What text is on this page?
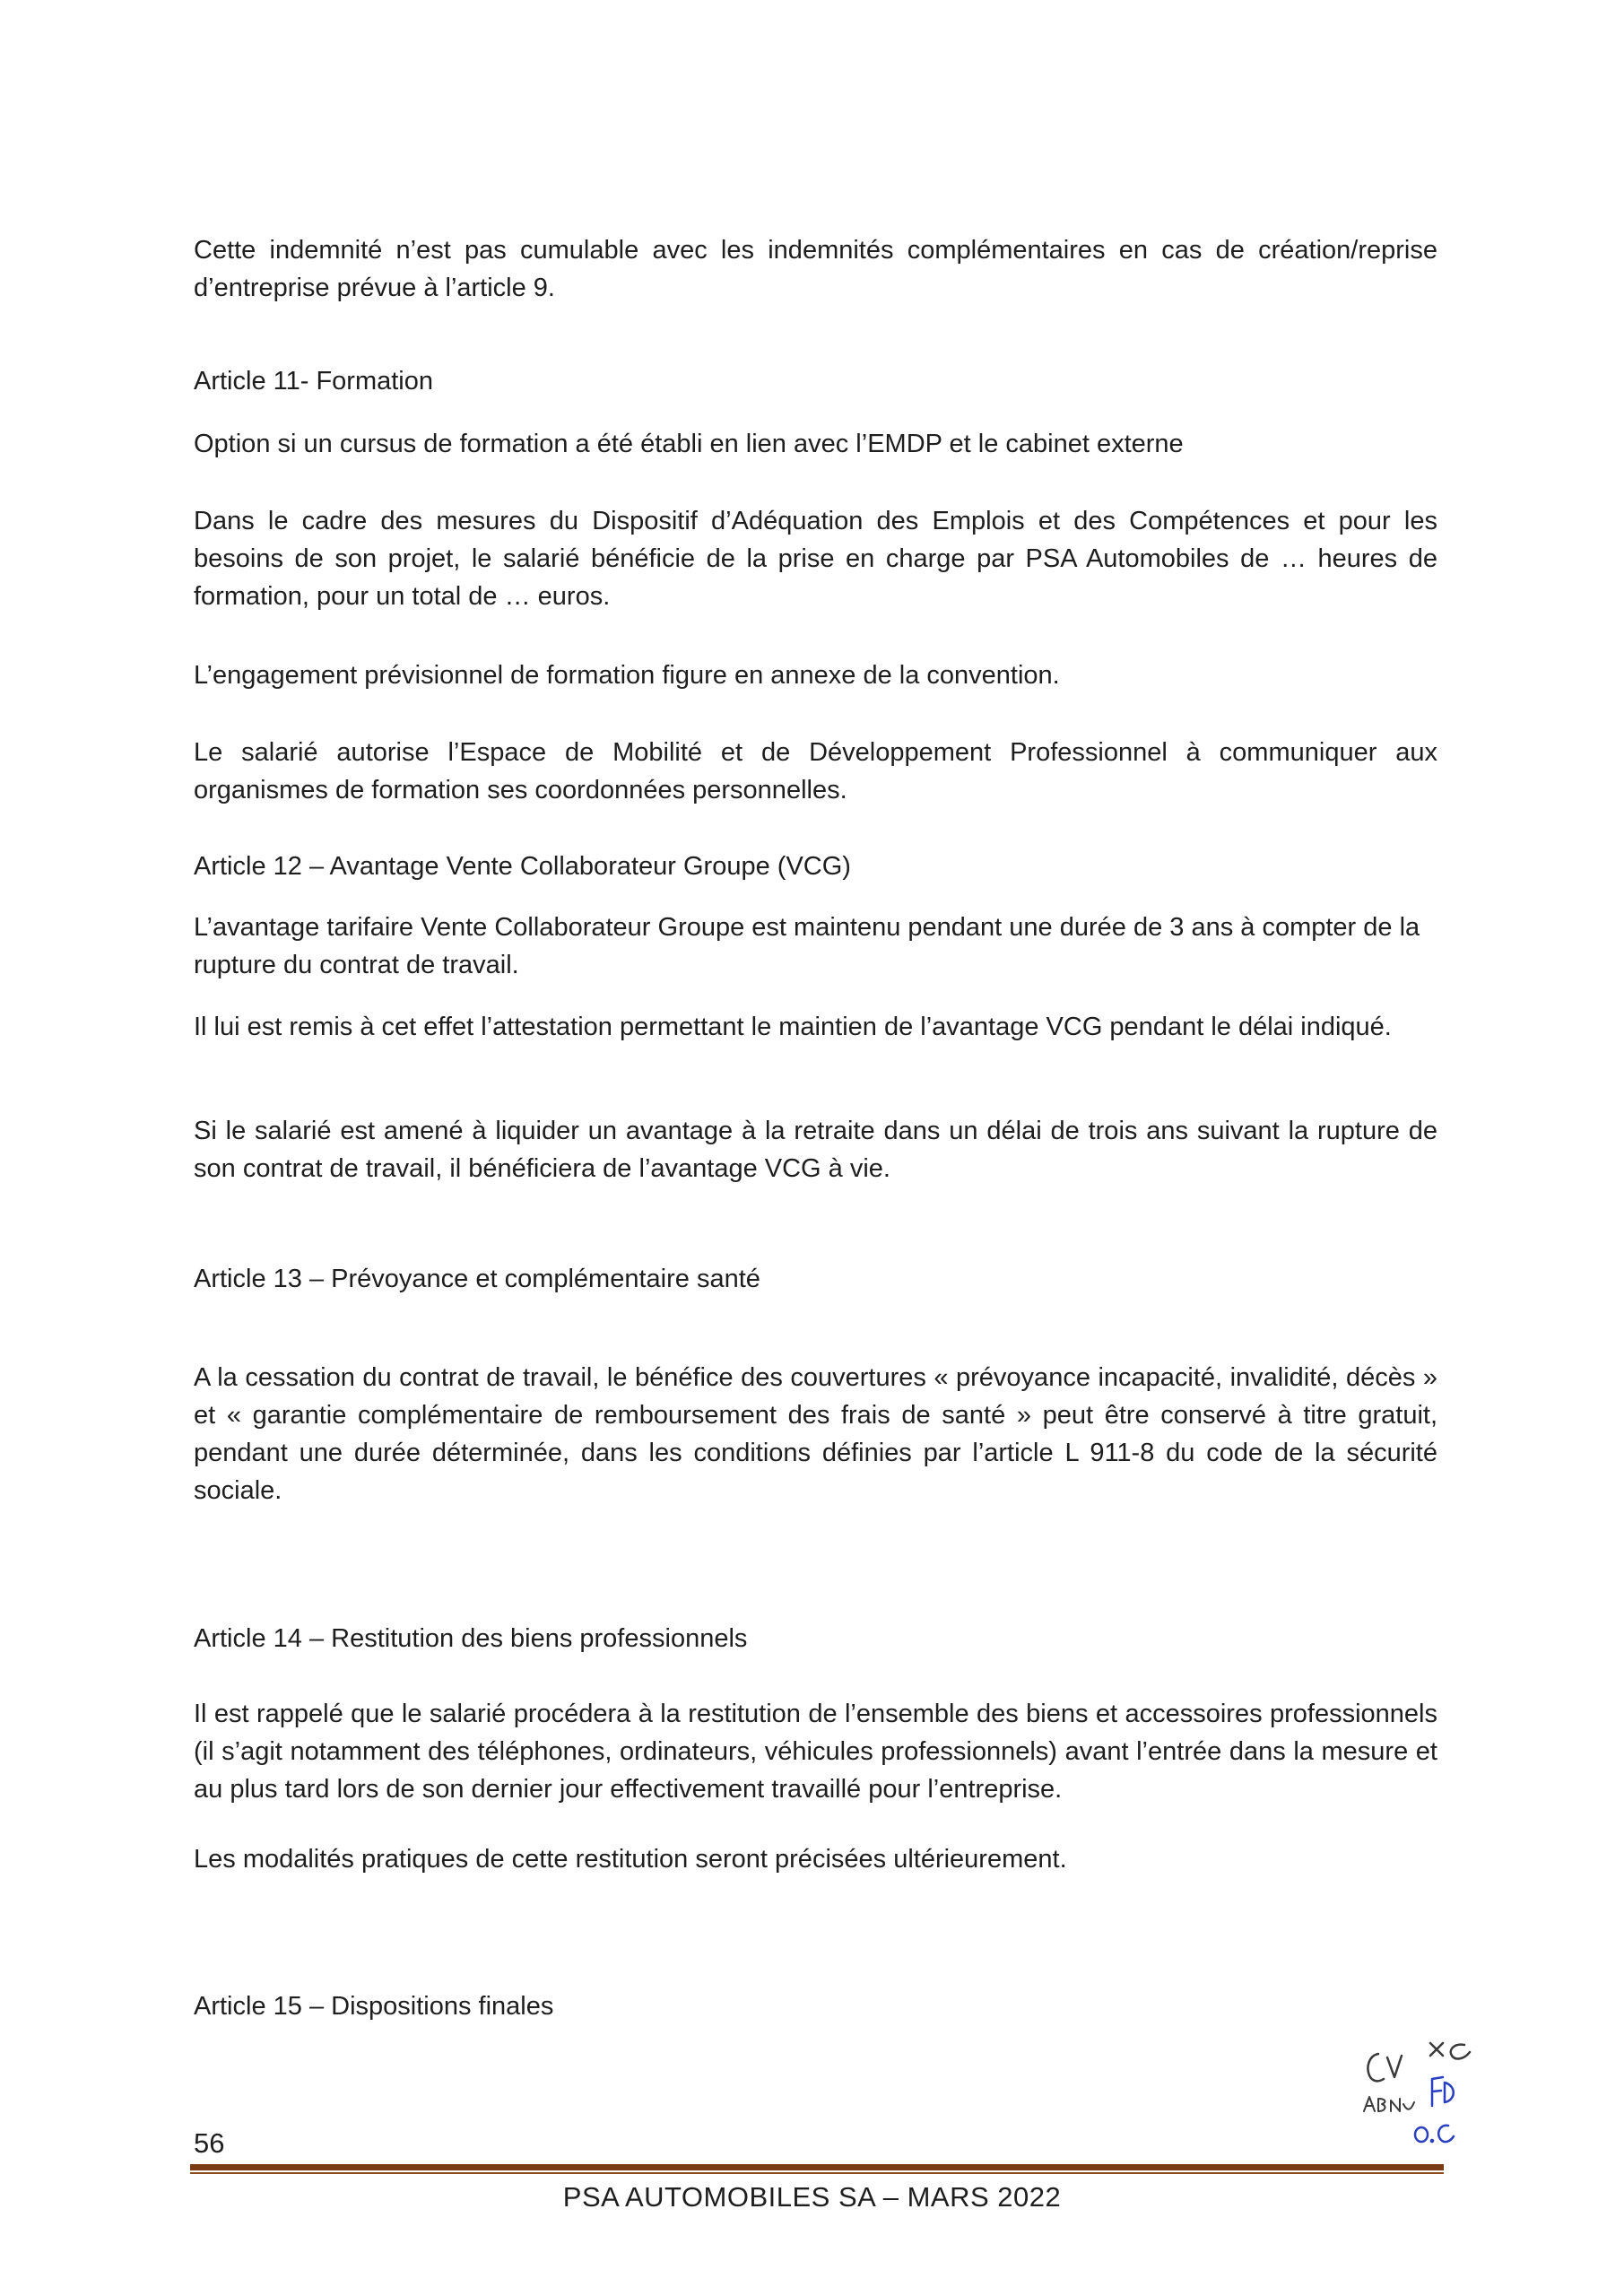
Cette indemnité n’est pas cumulable avec les indemnités complémentaires en cas de création/reprise d’entreprise prévue à l’article 9.

Article 11- Formation

Option si un cursus de formation a été établi en lien avec l’EMDP et le cabinet externe

Dans le cadre des mesures du Dispositif d’Adéquation des Emplois et des Compétences et pour les besoins de son projet, le salarié bénéficie de la prise en charge par PSA Automobiles de … heures de formation, pour un total de … euros.

L’engagement prévisionnel de formation figure en annexe de la convention.

Le salarié autorise l’Espace de Mobilité et de Développement Professionnel à communiquer aux organismes de formation ses coordonnées personnelles.

Article 12 – Avantage Vente Collaborateur Groupe (VCG)

L’avantage tarifaire Vente Collaborateur Groupe est maintenu pendant une durée de 3 ans à compter de la rupture du contrat de travail.

Il lui est remis à cet effet l’attestation permettant le maintien de l’avantage VCG pendant le délai indiqué.

Si le salarié est amené à liquider un avantage à la retraite dans un délai de trois ans suivant la rupture de son contrat de travail, il bénéficiera de l’avantage VCG à vie.

Article 13 – Prévoyance et complémentaire santé

A la cessation du contrat de travail, le bénéfice des couvertures « prévoyance incapacité, invalidité, décès » et « garantie complémentaire de remboursement des frais de santé » peut être conservé à titre gratuit, pendant une durée déterminée, dans les conditions définies par l’article L 911-8 du code de la sécurité sociale.

Article 14 – Restitution des biens professionnels

Il est rappelé que le salarié procédera à la restitution de l’ensemble des biens et accessoires professionnels (il s’agit notamment des téléphones, ordinateurs, véhicules professionnels) avant l’entrée dans la mesure et au plus tard lors de son dernier jour effectivement travaillé pour l’entreprise.

Les modalités pratiques de cette restitution seront précisées ultérieurement.

Article 15 – Dispositions finales

56

PSA AUTOMOBILES SA – MARS 2022
